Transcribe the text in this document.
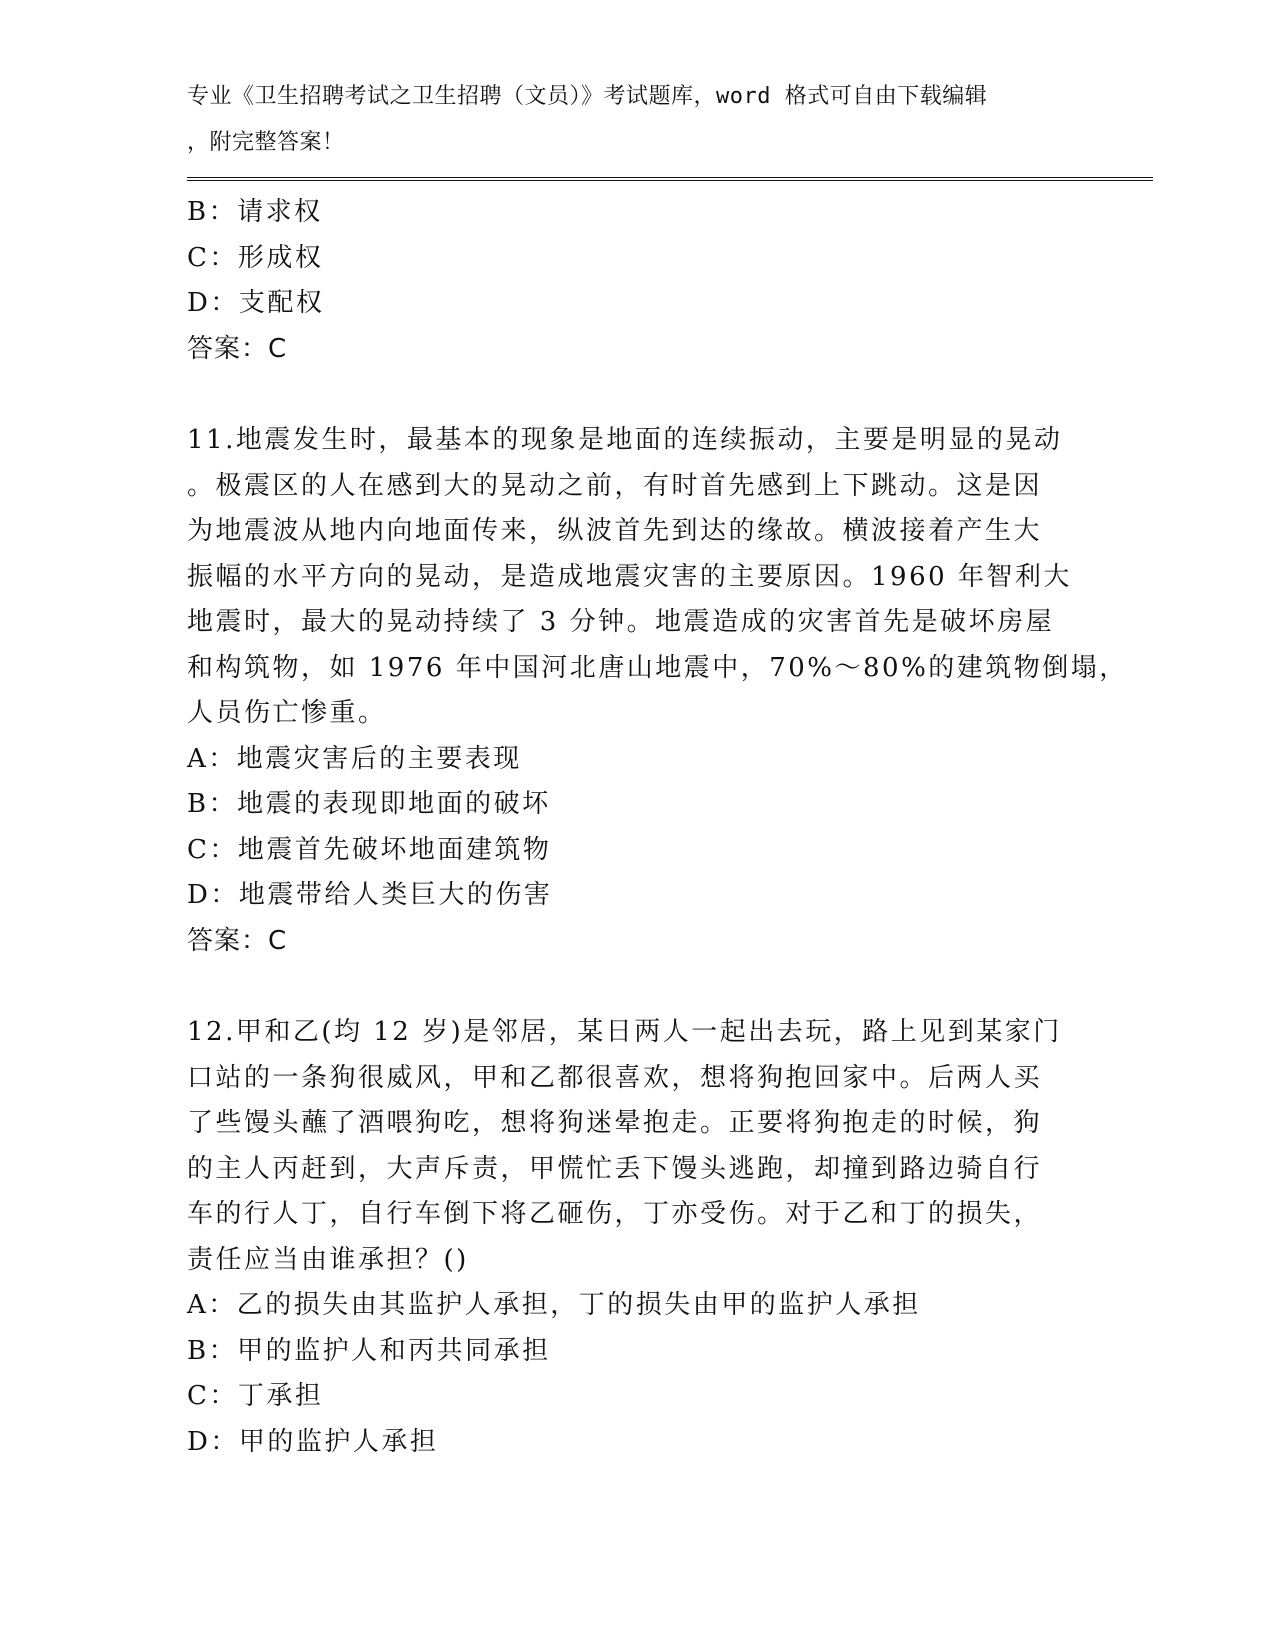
专业《卫生招聘考试之卫生招聘（文员）》考试题库，word 格式可自由下载编辑
，附完整答案！
B：请求权
C：形成权
D：支配权
答案：C
11.地震发生时，最基本的现象是地面的连续振动，主要是明显的晃动
。极震区的人在感到大的晃动之前，有时首先感到上下跳动。这是因
为地震波从地内向地面传来，纵波首先到达的缘故。横波接着产生大
振幅的水平方向的晃动，是造成地震灾害的主要原因。1960 年智利大
地震时，最大的晃动持续了 3 分钟。地震造成的灾害首先是破坏房屋
和构筑物，如 1976 年中国河北唐山地震中，70%～80%的建筑物倒塌，
人员伤亡惨重。
A：地震灾害后的主要表现
B：地震的表现即地面的破坏
C：地震首先破坏地面建筑物
D：地震带给人类巨大的伤害
答案：C
12.甲和乙(均 12 岁)是邻居，某日两人一起出去玩，路上见到某家门
口站的一条狗很威风，甲和乙都很喜欢，想将狗抱回家中。后两人买
了些馒头蘸了酒喂狗吃，想将狗迷晕抱走。正要将狗抱走的时候，狗
的主人丙赶到，大声斥责，甲慌忙丢下馒头逃跑，却撞到路边骑自行
车的行人丁，自行车倒下将乙砸伤，丁亦受伤。对于乙和丁的损失，
责任应当由谁承担？()
A：乙的损失由其监护人承担，丁的损失由甲的监护人承担
B：甲的监护人和丙共同承担
C：丁承担
D：甲的监护人承担
